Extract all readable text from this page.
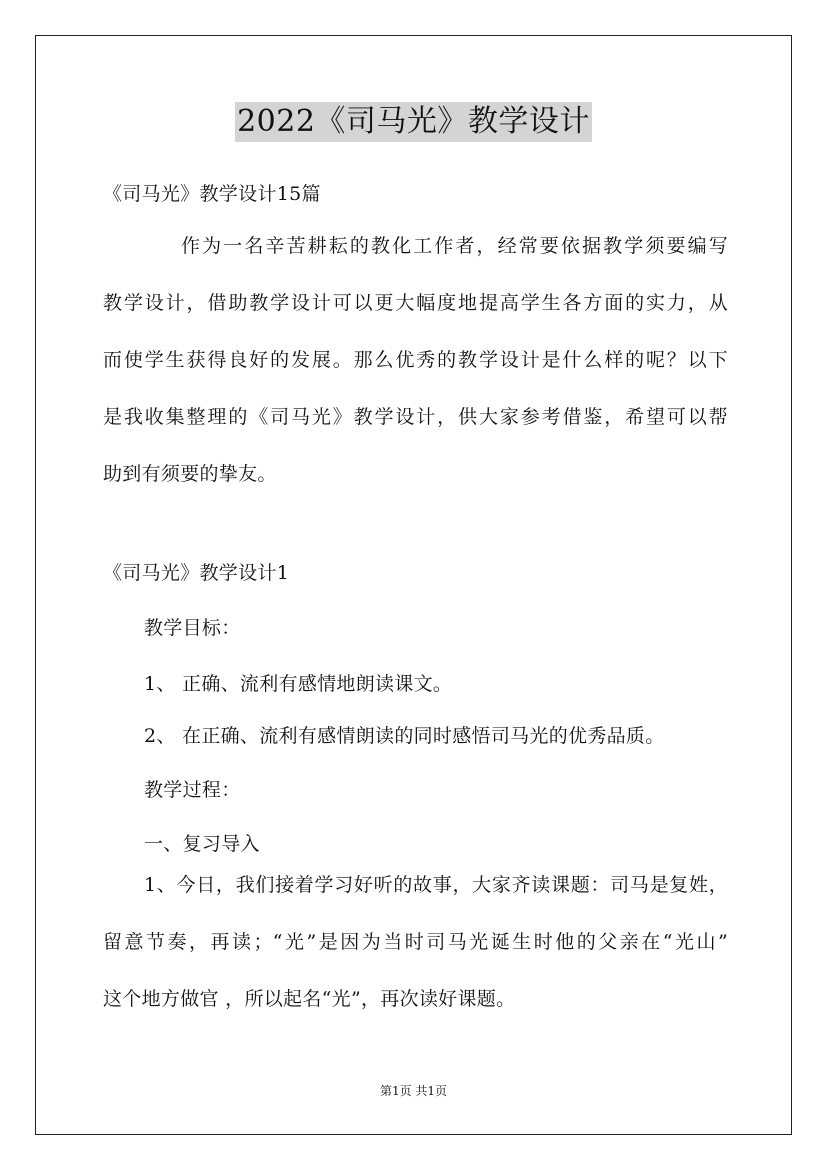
2022《司马光》教学设计
《司马光》教学设计15篇
作为一名辛苦耕耘的教化工作者，经常要依据教学须要编写
教学设计，借助教学设计可以更大幅度地提高学生各方面的实力，从
而使学生获得良好的发展。那么优秀的教学设计是什么样的呢？以下
是我收集整理的《司马光》教学设计，供大家参考借鉴，希望可以帮
助到有须要的挚友。
《司马光》教学设计1
教学目标：
1、 正确、流利有感情地朗读课文。
2、 在正确、流利有感情朗读的同时感悟司马光的优秀品质。
教学过程：
一、复习导入
1、今日，我们接着学习好听的故事，大家齐读课题：司马是复姓，
留意节奏，再读；“光”是因为当时司马光诞生时他的父亲在“光山”
这个地方做官 ，所以起名“光”，再次读好课题。
第1页 共1页
